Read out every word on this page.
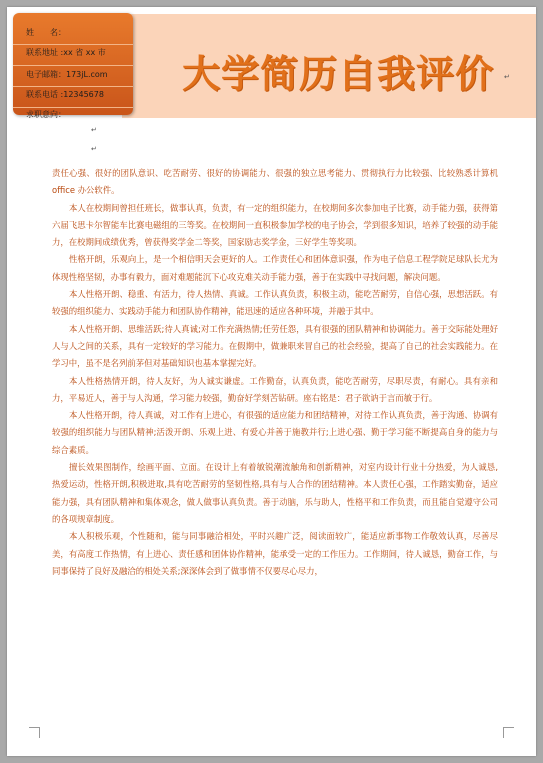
大学简历自我评价 ↵
姓　　名：
联系地址 :xx 省 xx 市
电子邮箱：173jL.com
联系电话 :12345678
求职意向：
↵
↵

责任心强、很好的团队意识、吃苦耐劳、很好的协调能力、很强的独立思考能力、贯彻执行力比较强、比较熟悉计算机 office 办公软件。

本人在校期间曾担任班长，做事认真，负责，有一定的组织能力，在校期间多次参加电子比赛，动手能力强，获得第六届飞思卡尔智能车比赛电磁组的三等奖。在校期间一直积极参加学校的电子协会，学到很多知识，培养了较强的动手能力，在校期间成绩优秀，曾获得奖学金二等奖，国家励志奖学金，三好学生等奖项。

性格开朗，乐观向上，是一个相信明天会更好的人。工作责任心和团体意识强，作为电子信息工程学院足球队长尤为体现性格坚韧，办事有毅力，面对难题能沉下心攻克难关动手能力强，善于在实践中寻找问题，解决问题。

本人性格开朗、稳重、有活力，待人热情、真诚。工作认真负责，积极主动，能吃苦耐劳，自信心强，思想活跃。有较强的组织能力、实践动手能力和团队协作精神，能迅速的适应各种环境，并融于其中。

本人性格开朗、思维活跃;待人真诚;对工作充满热情;任劳任怨，具有很强的团队精神和协调能力。善于交际能处理好人与人之间的关系，具有一定较好的学习能力。在假期中，做兼职来冒自己的社会经验，提高了自己的社会实践能力。在学习中，虽不是名列前茅但对基础知识也基本掌握完好。

本人性格热情开朗，待人友好，为人诚实谦虚。工作勤奋，认真负责，能吃苦耐劳，尽职尽责，有耐心。具有亲和力，平易近人，善于与人沟通，学习能力较强，勤奋好学刻苦钻研。座右铭是：君子欲讷于言而敏于行。

本人性格开朗，待人真诚，对工作有上进心，有很强的适应能力和团结精神，对待工作认真负责，善于沟通、协调有较强的组织能力与团队精神;活泼开朗、乐观上进、有爱心并善于施教并行;上进心强、勤于学习能不断提高自身的能力与综合素质。

擅长效果图制作，绘画平面、立面。在设计上有着敏锐潮流触角和创新精神，对室内设计行业十分热爱，为人诚恳,热爱运动，性格开朗,积极进取,具有吃苦耐劳的坚韧性格,具有与人合作的团结精神。本人责任心强，工作踏实勤奋，适应能力强，具有团队精神和集体观念，做人做事认真负责。善于动脑，乐与助人，性格平和工作负责，而且能自觉遵守公司的各项规章制度。

本人积极乐观，个性随和，能与同事融洽相处，平时兴趣广泛，阅读面较广，能适应新事物工作敬效认真，尽善尽美，有高度工作热情，有上进心、责任感和团体协作精神，能承受一定的工作压力。工作期间，待人诚恳，勤奋工作，与同事保持了良好及融洽的相处关系;深深体会到了做事情不仅要尽心尽力，
